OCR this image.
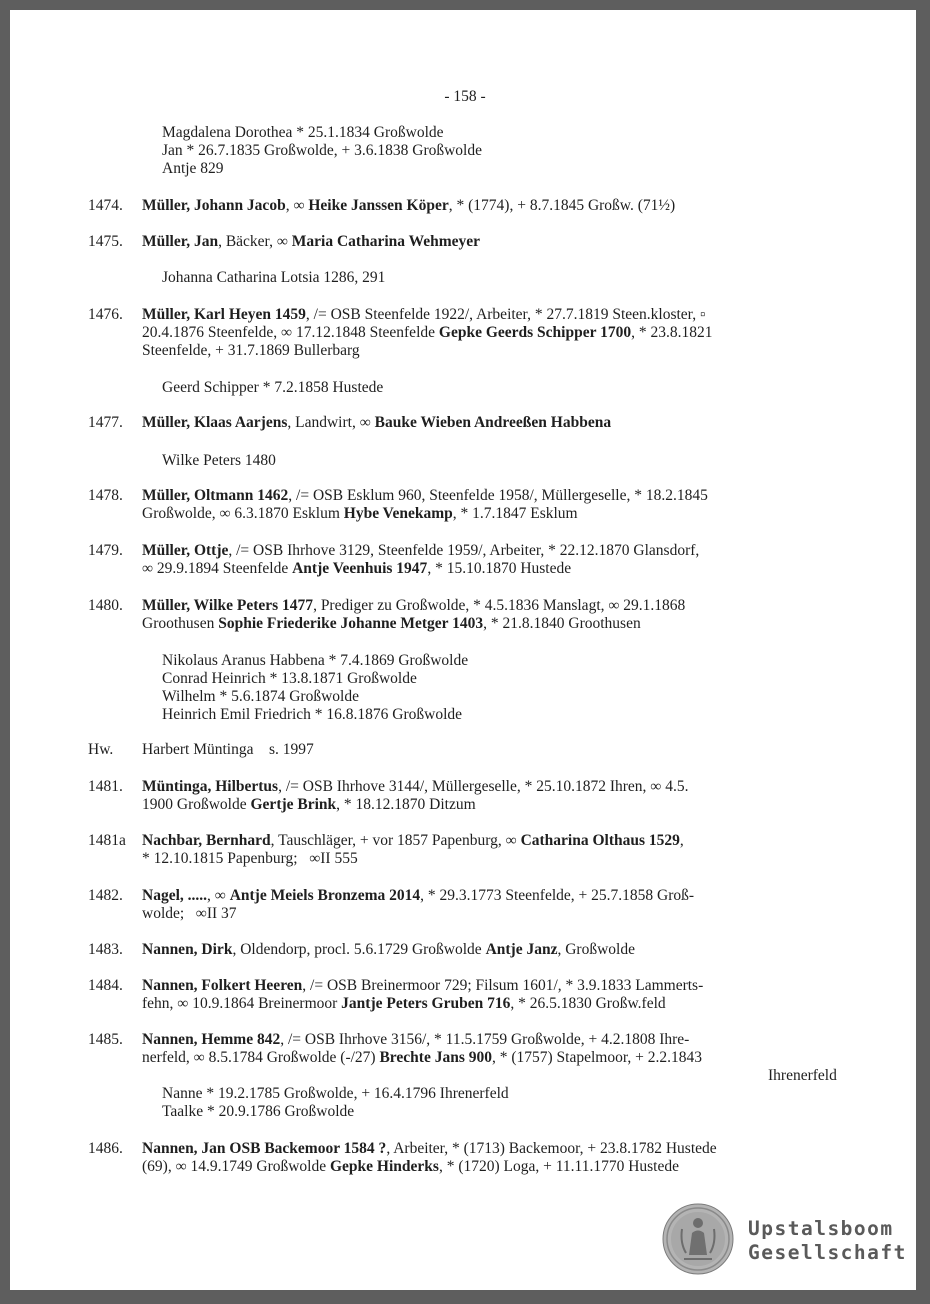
- 158 -
Magdalena Dorothea * 25.1.1834 Großwolde
Jan * 26.7.1835 Großwolde, + 3.6.1838 Großwolde
Antje 829
1474.	Müller, Johann Jacob, ∞ Heike Janssen Köper, * (1774), + 8.7.1845 Großw. (71½)
1475.	Müller, Jan, Bäcker, ∞ Maria Catharina Wehmeyer
Johanna Catharina Lotsia 1286, 291
1476.	Müller, Karl Heyen 1459, /= OSB Steenfelde 1922/, Arbeiter, * 27.7.1819 Steen.kloster, ▫
20.4.1876 Steenfelde, ∞ 17.12.1848 Steenfelde Gepke Geerds Schipper 1700, * 23.8.1821
Steenfelde, + 31.7.1869 Bullerbarg
Geerd Schipper * 7.2.1858 Hustede
1477.	Müller, Klaas Aarjens, Landwirt, ∞ Bauke Wieben Andreeßen Habbena
Wilke Peters 1480
1478.	Müller, Oltmann 1462, /= OSB Esklum 960, Steenfelde 1958/, Müllergeselle, * 18.2.1845
Großwolde, ∞ 6.3.1870 Esklum Hybe Venekamp, * 1.7.1847 Esklum
1479.	Müller, Ottje, /= OSB Ihrhove 3129, Steenfelde 1959/, Arbeiter, * 22.12.1870 Glansdorf,
∞ 29.9.1894 Steenfelde Antje Veenhuis 1947, * 15.10.1870 Hustede
1480.	Müller, Wilke Peters 1477, Prediger zu Großwolde, * 4.5.1836 Manslagt, ∞ 29.1.1868
Groothusen Sophie Friederike Johanne Metger 1403, * 21.8.1840 Groothusen
Nikolaus Aranus Habbena * 7.4.1869 Großwolde
Conrad Heinrich * 13.8.1871 Großwolde
Wilhelm * 5.6.1874 Großwolde
Heinrich Emil Friedrich * 16.8.1876 Großwolde
Hw.	Harbert Müntinga    s. 1997
1481.	Müntinga, Hilbertus, /= OSB Ihrhove 3144/, Müllergeselle, * 25.10.1872 Ihren, ∞ 4.5.
1900 Großwolde Gertje Brink, * 18.12.1870 Ditzum
1481a	Nachbar, Bernhard, Tauschläger, + vor 1857 Papenburg, ∞ Catharina Olthaus 1529,
* 12.10.1815 Papenburg;   ∞II 555
1482.	Nagel, ....., ∞ Antje Meiels Bronzema 2014, * 29.3.1773 Steenfelde, + 25.7.1858 Groß-
wolde;   ∞II 37
1483.	Nannen, Dirk, Oldendorp, procl. 5.6.1729 Großwolde Antje Janz, Großwolde
1484.	Nannen, Folkert Heeren, /= OSB Breinermoor 729; Filsum 1601/, * 3.9.1833 Lammerts-
fehn, ∞ 10.9.1864 Breinermoor Jantje Peters Gruben 716, * 26.5.1830 Großw.feld
1485.	Nannen, Hemme 842, /= OSB Ihrhove 3156/, * 11.5.1759 Großwolde, + 4.2.1808 Ihre-
nerfeld, ∞ 8.5.1784 Großwolde (-/27) Brechte Jans 900, * (1757) Stapelmoor, + 2.2.1843
Ihrenerfeld
Nanne * 19.2.1785 Großwolde, + 16.4.1796 Ihrenerfeld
Taalke * 20.9.1786 Großwolde
1486.	Nannen, Jan OSB Backemoor 1584 ?, Arbeiter, * (1713) Backemoor, + 23.8.1782 Hustede
(69), ∞ 14.9.1749 Großwolde Gepke Hinderks, * (1720) Loga, + 11.11.1770 Hustede
Upstalsboom
Gesellschaft
